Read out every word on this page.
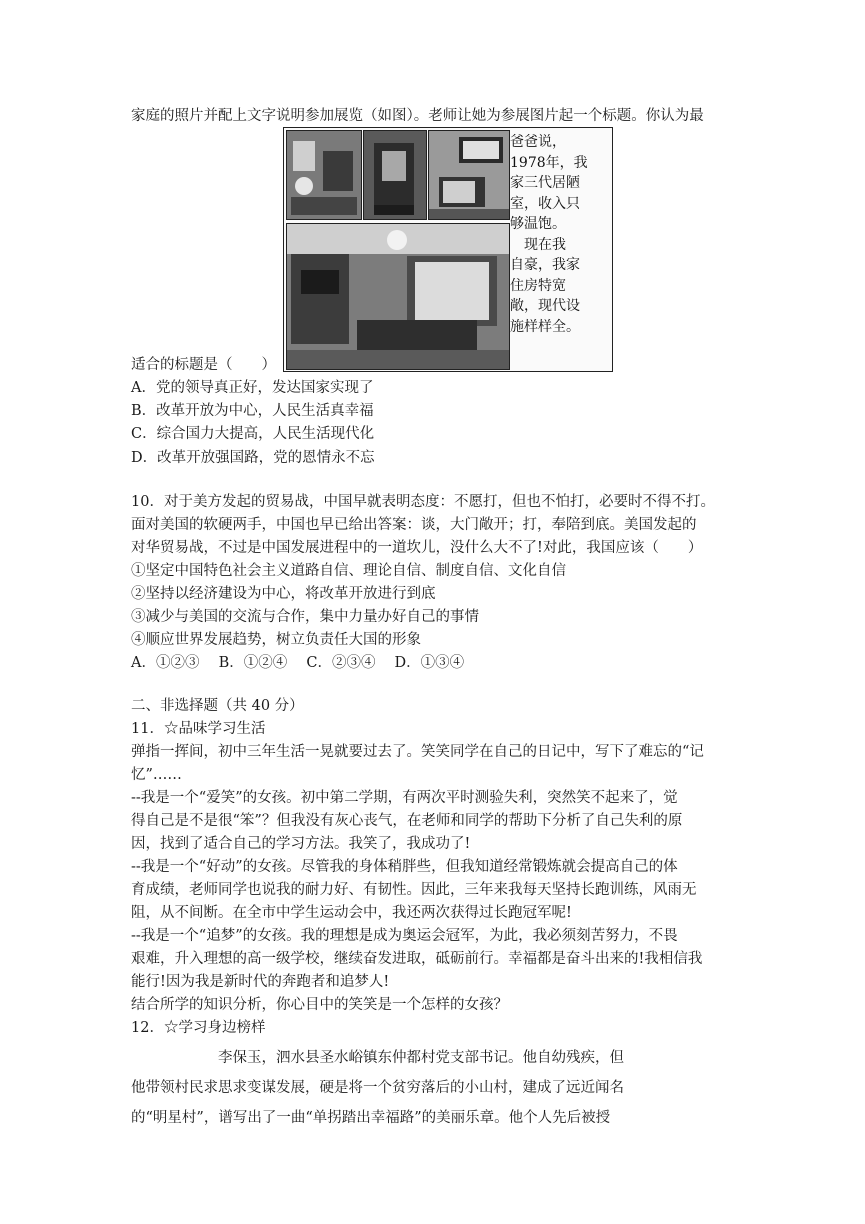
家庭的照片并配上文字说明参加展览（如图）。老师让她为参展图片起一个标题。你认为最
爸爸说，
1978年，我
家三代居陋
室，收入只
够温饱。
　现在我
自豪，我家
住房特宽
敞，现代设
施样样全。
适合的标题是（　　）
A．党的领导真正好，发达国家实现了
B．改革开放为中心，人民生活真幸福
C．综合国力大提高，人民生活现代化
D．改革开放强国路，党的恩情永不忘
10．对于美方发起的贸易战，中国早就表明态度：不愿打，但也不怕打，必要时不得不打。
面对美国的软硬两手，中国也早已给出答案：谈，大门敞开；打，奉陪到底。美国发起的
对华贸易战，不过是中国发展进程中的一道坎儿，没什么大不了!对此，我国应该（　　）
①坚定中国特色社会主义道路自信、理论自信、制度自信、文化自信
②坚持以经济建设为中心，将改革开放进行到底
③减少与美国的交流与合作，集中力量办好自己的事情
④顺应世界发展趋势，树立负责任大国的形象
A．①②③　 B．①②④　 C．②③④　 D．①③④
二、非选择题（共 40 分）
11．☆品味学习生活
弹指一挥间，初中三年生活一晃就要过去了。笑笑同学在自己的日记中，写下了难忘的“记
忆”……
--我是一个“爱笑”的女孩。初中第二学期，有两次平时测验失利，突然笑不起来了，觉
得自己是不是很“笨”？但我没有灰心丧气，在老师和同学的帮助下分析了自己失利的原
因，找到了适合自己的学习方法。我笑了，我成功了!
--我是一个“好动”的女孩。尽管我的身体稍胖些，但我知道经常锻炼就会提高自己的体
育成绩，老师同学也说我的耐力好、有韧性。因此，三年来我每天坚持长跑训练，风雨无
阻，从不间断。在全市中学生运动会中，我还两次获得过长跑冠军呢!
--我是一个“追梦”的女孩。我的理想是成为奥运会冠军，为此，我必须刻苦努力，不畏
艰难，升入理想的高一级学校，继续奋发进取，砥砺前行。幸福都是奋斗出来的!我相信我
能行!因为我是新时代的奔跑者和追梦人!
结合所学的知识分析，你心目中的笑笑是一个怎样的女孩？
12．☆学习身边榜样
　　　　　　李保玉，泗水县圣水峪镇东仲都村党支部书记。他自幼残疾，但
他带领村民求思求变谋发展，硬是将一个贫穷落后的小山村，建成了远近闻名
的“明星村”，谱写出了一曲“单拐踏出幸福路”的美丽乐章。他个人先后被授
